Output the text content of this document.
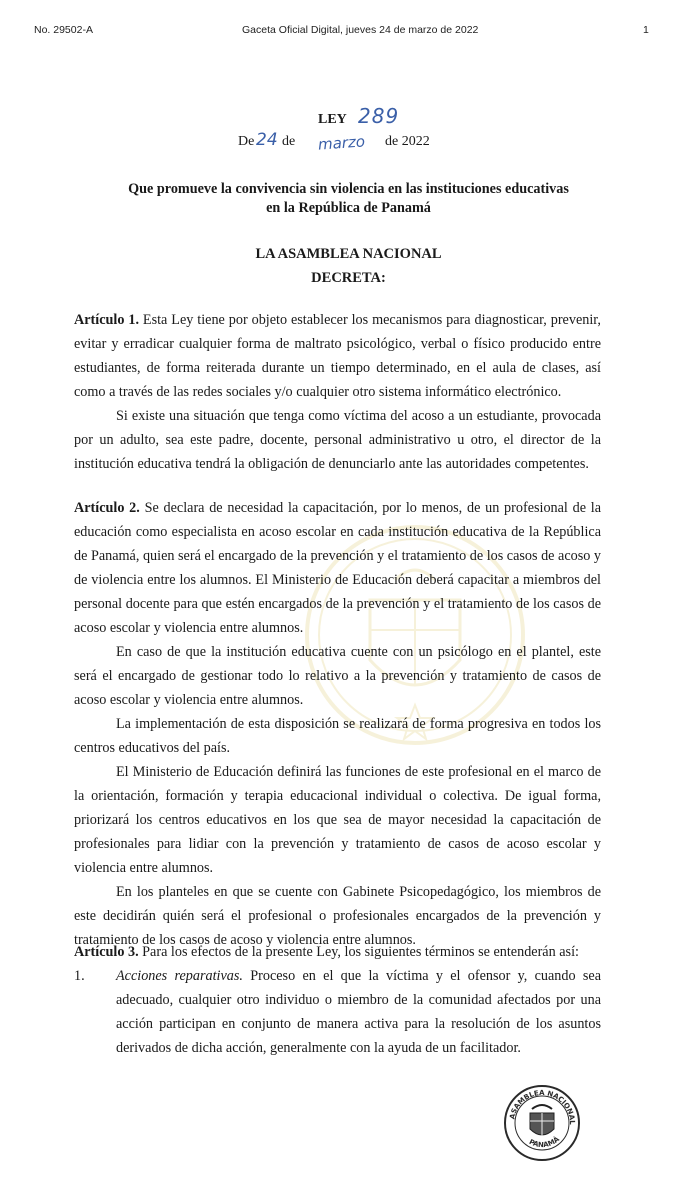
No. 29502-A	Gaceta Oficial Digital, jueves 24 de marzo de 2022	1
LEY 289
De 24 de marzo de 2022
Que promueve la convivencia sin violencia en las instituciones educativas
en la República de Panamá
LA ASAMBLEA NACIONAL
DECRETA:

Artículo 1. Esta Ley tiene por objeto establecer los mecanismos para diagnosticar, prevenir, evitar y erradicar cualquier forma de maltrato psicológico, verbal o físico producido entre estudiantes, de forma reiterada durante un tiempo determinado, en el aula de clases, así como a través de las redes sociales y/o cualquier otro sistema informático electrónico.

Si existe una situación que tenga como víctima del acoso a un estudiante, provocada por un adulto, sea este padre, docente, personal administrativo u otro, el director de la institución educativa tendrá la obligación de denunciarlo ante las autoridades competentes.

Artículo 2. Se declara de necesidad la capacitación, por lo menos, de un profesional de la educación como especialista en acoso escolar en cada institución educativa de la República de Panamá, quien será el encargado de la prevención y el tratamiento de los casos de acoso y de violencia entre los alumnos. El Ministerio de Educación deberá capacitar a miembros del personal docente para que estén encargados de la prevención y el tratamiento de los casos de acoso escolar y violencia entre alumnos.

En caso de que la institución educativa cuente con un psicólogo en el plantel, este será el encargado de gestionar todo lo relativo a la prevención y tratamiento de casos de acoso escolar y violencia entre alumnos.

La implementación de esta disposición se realizará de forma progresiva en todos los centros educativos del país.

El Ministerio de Educación definirá las funciones de este profesional en el marco de la orientación, formación y terapia educacional individual o colectiva. De igual forma, priorizará los centros educativos en los que sea de mayor necesidad la capacitación de profesionales para lidiar con la prevención y tratamiento de casos de acoso escolar y violencia entre alumnos.

En los planteles en que se cuente con Gabinete Psicopedagógico, los miembros de este decidirán quién será el profesional o profesionales encargados de la prevención y tratamiento de los casos de acoso y violencia entre alumnos.

Artículo 3. Para los efectos de la presente Ley, los siguientes términos se entenderán así:

1. Acciones reparativas. Proceso en el que la víctima y el ofensor y, cuando sea adecuado, cualquier otro individuo o miembro de la comunidad afectados por una acción participan en conjunto de manera activa para la resolución de los asuntos derivados de dicha acción, generalmente con la ayuda de un facilitador.
ASAMBLEA NACIONAL
PANAMÁ
